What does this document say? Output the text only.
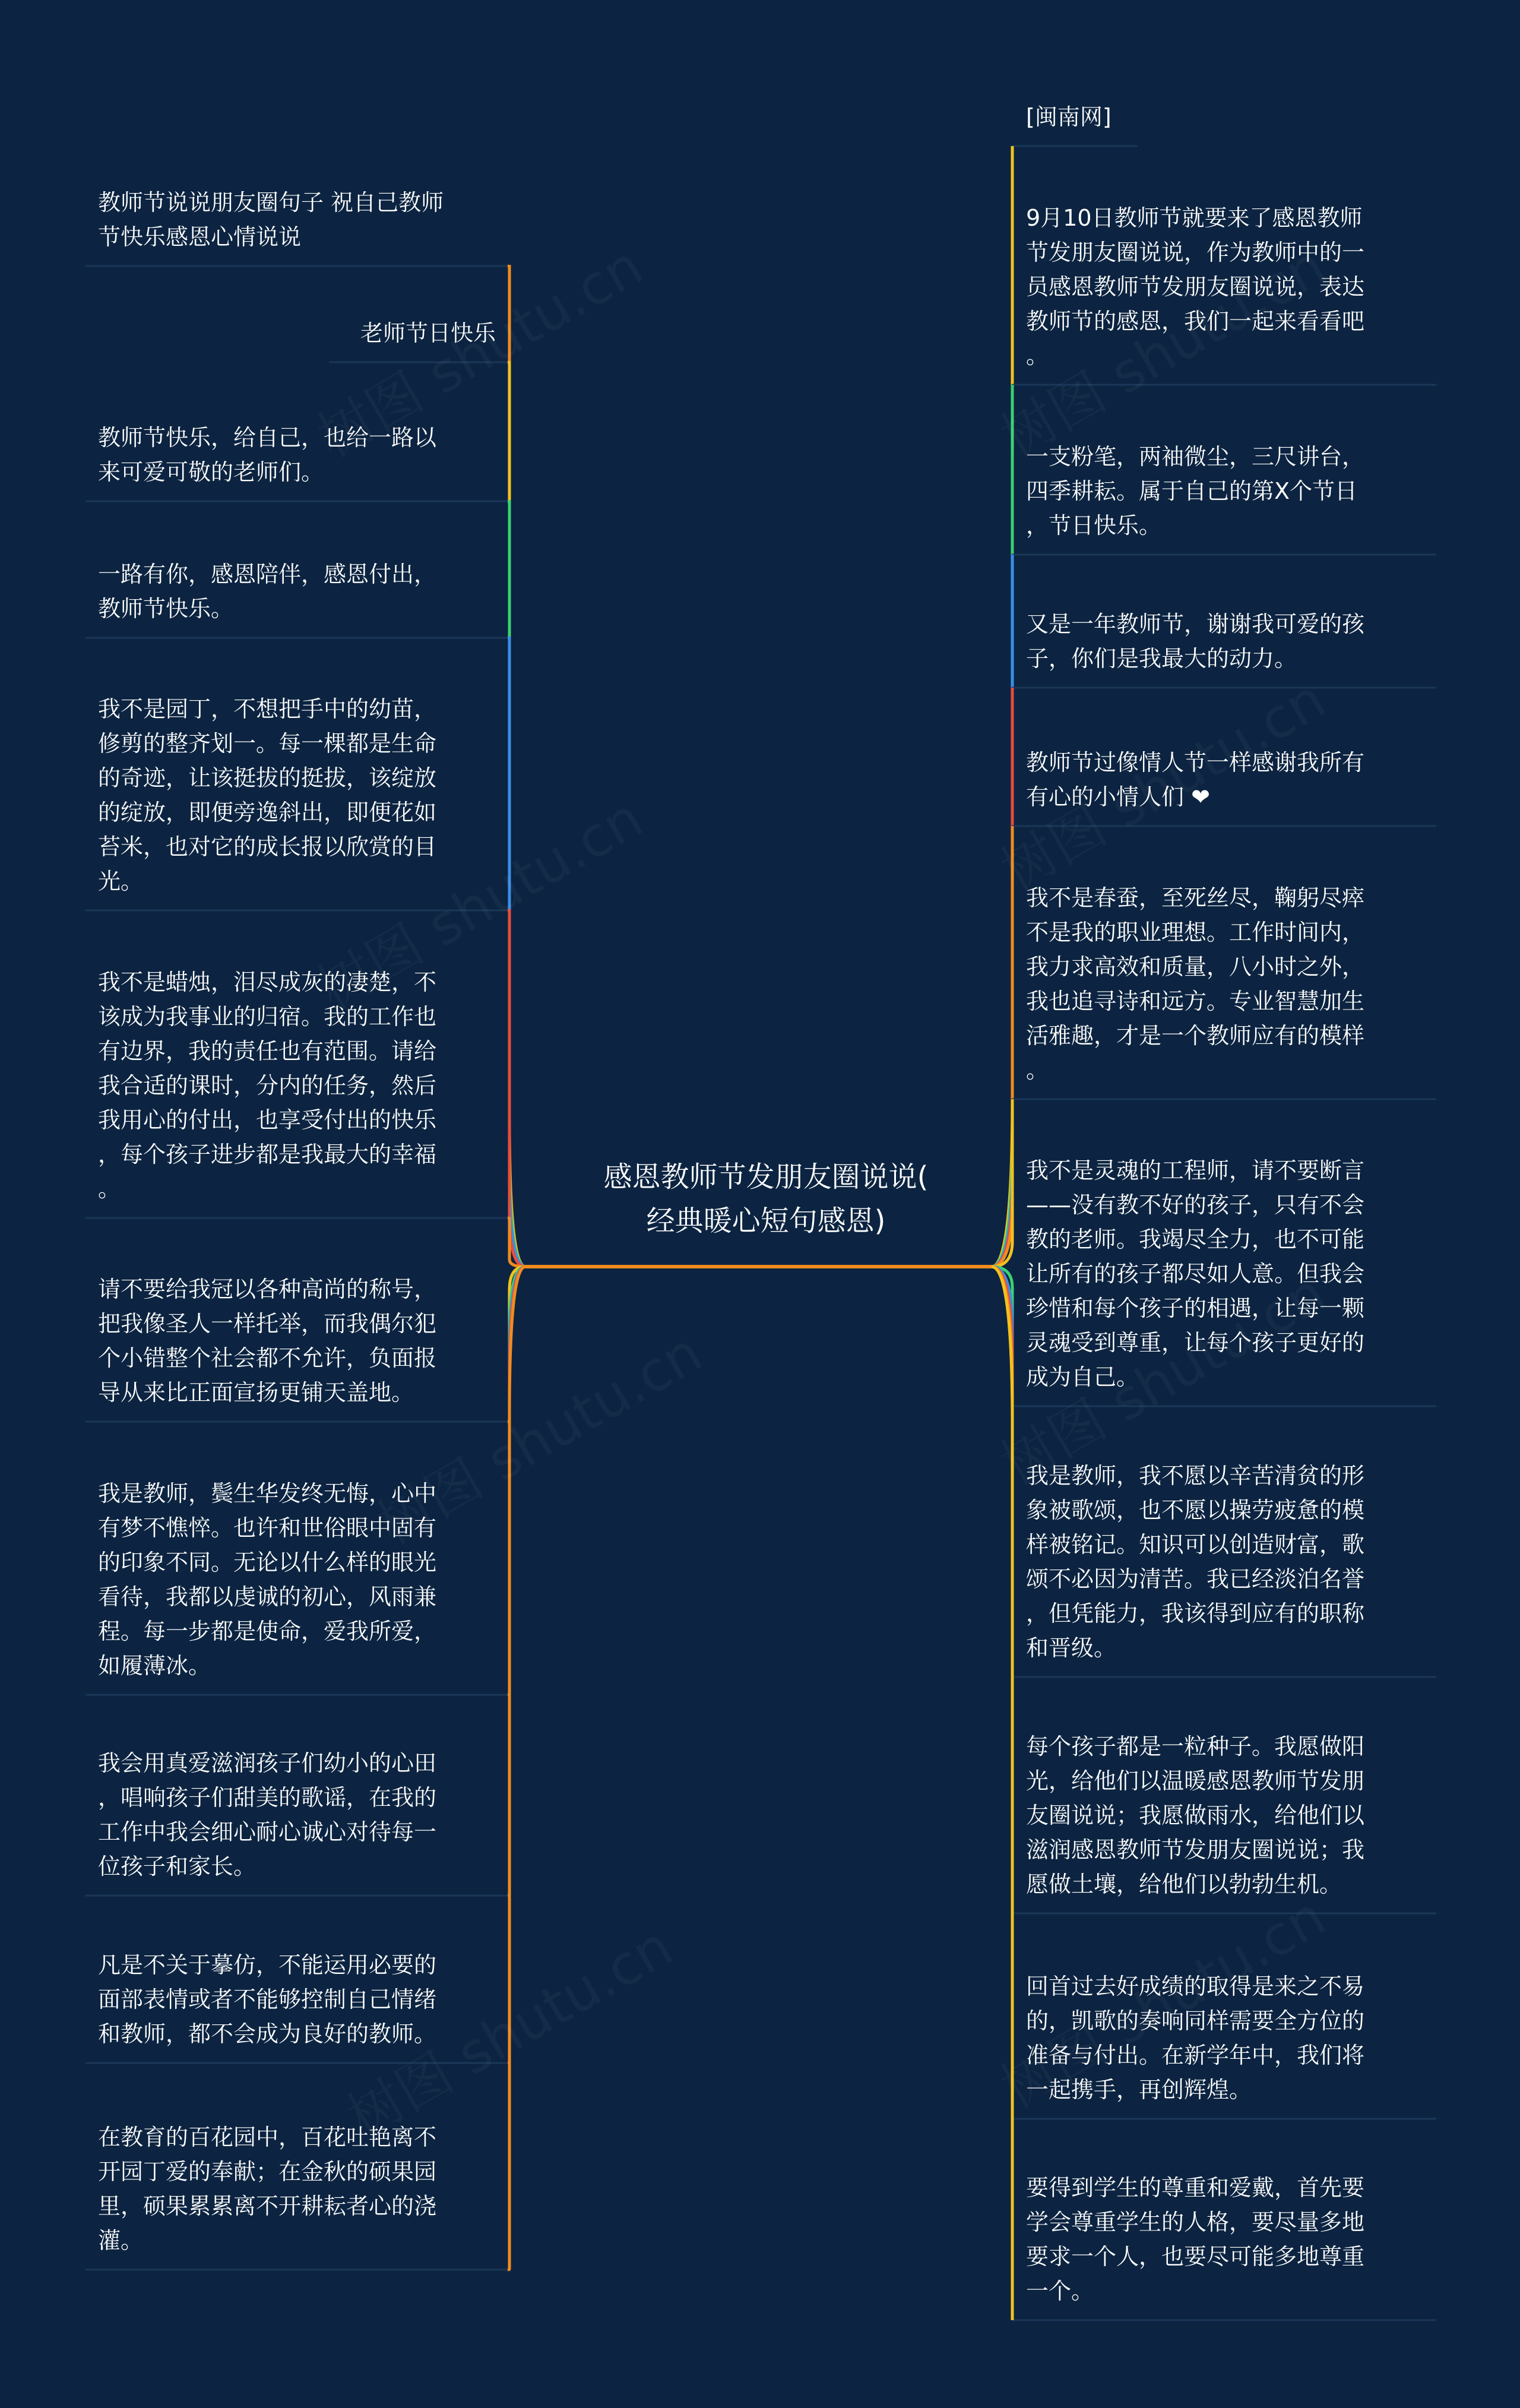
感恩教师节发朋友圈说说(
经典暖心短句感恩)
教师节说说朋友圈句子 祝自己教师
节快乐感恩心情说说
老师节日快乐
教师节快乐，给自己，也给一路以
来可爱可敬的老师们。
一路有你，感恩陪伴，感恩付出，
教师节快乐。
我不是园丁，不想把手中的幼苗，
修剪的整齐划一。每一棵都是生命
的奇迹，让该挺拔的挺拔，该绽放
的绽放，即便旁逸斜出，即便花如
苔米，也对它的成长报以欣赏的目
光。
我不是蜡烛，泪尽成灰的凄楚，不
该成为我事业的归宿。我的工作也
有边界，我的责任也有范围。请给
我合适的课时，分内的任务，然后
我用心的付出，也享受付出的快乐
，每个孩子进步都是我最大的幸福
。
请不要给我冠以各种高尚的称号，
把我像圣人一样托举，而我偶尔犯
个小错整个社会都不允许，负面报
导从来比正面宣扬更铺天盖地。
我是教师，鬓生华发终无悔，心中
有梦不憔悴。也许和世俗眼中固有
的印象不同。无论以什么样的眼光
看待，我都以虔诚的初心，风雨兼
程。每一步都是使命，爱我所爱，
如履薄冰。
我会用真爱滋润孩子们幼小的心田
，唱响孩子们甜美的歌谣，在我的
工作中我会细心耐心诚心对待每一
位孩子和家长。
凡是不关于摹仿，不能运用必要的
面部表情或者不能够控制自己情绪
和教师，都不会成为良好的教师。
在教育的百花园中，百花吐艳离不
开园丁爱的奉献；在金秋的硕果园
里，硕果累累离不开耕耘者心的浇
灌。
[闽南网]
9月10日教师节就要来了感恩教师
节发朋友圈说说，作为教师中的一
员感恩教师节发朋友圈说说，表达
教师节的感恩，我们一起来看看吧
。
一支粉笔，两袖微尘，三尺讲台，
四季耕耘。属于自己的第X个节日
，节日快乐。
又是一年教师节，谢谢我可爱的孩
子，你们是我最大的动力。
教师节过像情人节一样感谢我所有
有心的小情人们 ❤
我不是春蚕，至死丝尽，鞠躬尽瘁
不是我的职业理想。工作时间内，
我力求高效和质量，八小时之外，
我也追寻诗和远方。专业智慧加生
活雅趣，才是一个教师应有的模样
。
我不是灵魂的工程师，请不要断言
——没有教不好的孩子，只有不会
教的老师。我竭尽全力，也不可能
让所有的孩子都尽如人意。但我会
珍惜和每个孩子的相遇，让每一颗
灵魂受到尊重，让每个孩子更好的
成为自己。
我是教师，我不愿以辛苦清贫的形
象被歌颂，也不愿以操劳疲惫的模
样被铭记。知识可以创造财富，歌
颂不必因为清苦。我已经淡泊名誉
，但凭能力，我该得到应有的职称
和晋级。
每个孩子都是一粒种子。我愿做阳
光，给他们以温暖感恩教师节发朋
友圈说说；我愿做雨水，给他们以
滋润感恩教师节发朋友圈说说；我
愿做土壤，给他们以勃勃生机。
回首过去好成绩的取得是来之不易
的，凯歌的奏响同样需要全方位的
准备与付出。在新学年中，我们将
一起携手，再创辉煌。
要得到学生的尊重和爱戴，首先要
学会尊重学生的人格，要尽量多地
要求一个人，也要尽可能多地尊重
一个。
